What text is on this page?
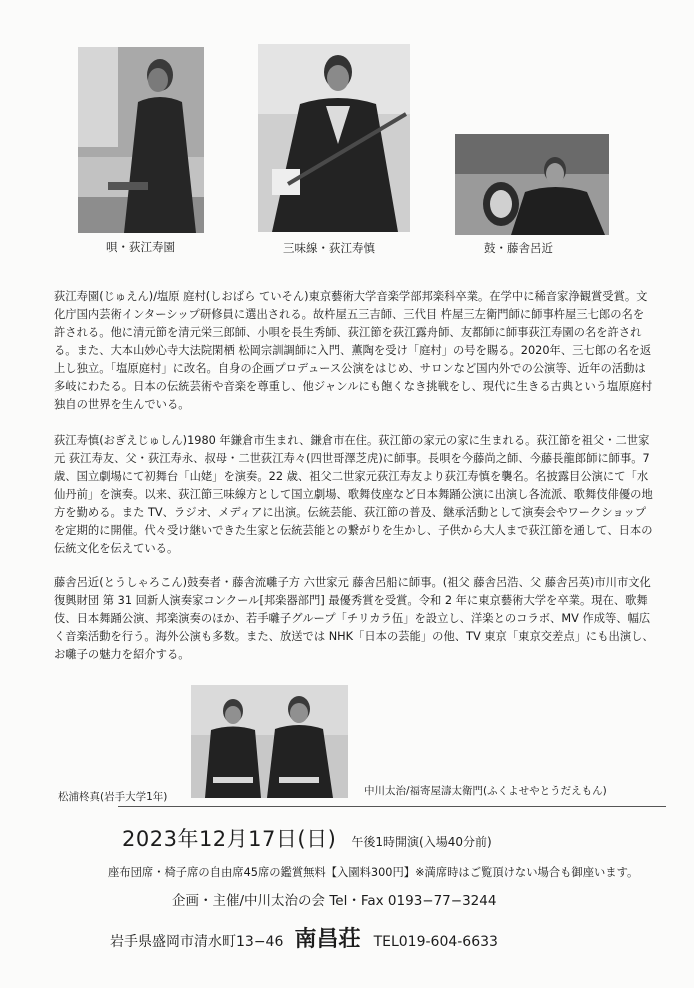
唄・荻江寿園	三味線・荻江寿慎	鼓・藤舎呂近

荻江寿園(じゅえん)/塩原 庭村(しおばら ていそん)東京藝術大学音楽学部邦楽科卒業。在学中に稀音家浄観賞受賞。文化庁国内芸術インターシップ研修員に選出される。故杵屋五三吉師、三代目 杵屋三左衛門師に師事杵屋三七郎の名を許される。他に清元節を清元栄三郎師、小唄を長生秀師、荻江節を荻江露舟師、友都師に師事荻江寿園の名を許される。また、大本山妙心寺大法院閑栖 松岡宗訓調師に入門、薫陶を受け「庭村」の号を賜る。2020年、三七郎の名を返上し独立。「塩原庭村」に改名。自身の企画プロデュース公演をはじめ、サロンなど国内外での公演等、近年の活動は多岐にわたる。日本の伝統芸術や音楽を尊重し、他ジャンルにも飽くなき挑戦をし、現代に生きる古典という塩原庭村独自の世界を生んでいる。

荻江寿慎(おぎえじゅしん)1980 年鎌倉市生まれ、鎌倉市在住。荻江節の家元の家に生まれる。荻江節を祖父・二世家元 荻江寿友、父・荻江寿永、叔母・二世荻江寿々(四世哥澤芝虎)に師事。長唄を今藤尚之師、今藤長龍郎師に師事。7歳、国立劇場にて初舞台「山姥」を演奏。22 歳、祖父二世家元荻江寿友より荻江寿慎を襲名。名披露目公演にて「水仙丹前」を演奏。以来、荻江節三味線方として国立劇場、歌舞伎座など日本舞踊公演に出演し各流派、歌舞伎俳優の地方を勤める。また TV、ラジオ、メディアに出演。伝統芸能、荻江節の普及、継承活動として演奏会やワークショップを定期的に開催。代々受け継いできた生家と伝統芸能との繋がりを生かし、子供から大人まで荻江節を通して、日本の伝統文化を伝えている。

藤舎呂近(とうしゃろこん)鼓奏者・藤舎流囃子方 六世家元 藤舎呂船に師事。(祖父 藤舎呂浩、父 藤舎呂英)市川市文化復興財団 第 31 回新人演奏家コンクール[邦楽器部門] 最優秀賞を受賞。令和 2 年に東京藝術大学を卒業。現在、歌舞伎、日本舞踊公演、邦楽演奏のほか、若手囃子グループ「チリカラ伍」を設立し、洋楽とのコラボ、MV 作成等、幅広く音楽活動を行う。海外公演も多数。また、放送では NHK「日本の芸能」の他、TV 東京「東京交差点」にも出演し、お囃子の魅力を紹介する。

松浦柊真(岩手大学1年)	中川太治/福寄屋濤太衛門(ふくよせやとうだえもん)
2023年12月17日(日) 午後1時開演(入場40分前)
座布団席・椅子席の自由席45席の鑑賞無料【入園料300円】※満席時はご覧頂けない場合も御座います。
企画・主催/中川太治の会 Tel・Fax 0193−77−3244
岩手県盛岡市清水町13−46 南昌荘 TEL019-604-6633
